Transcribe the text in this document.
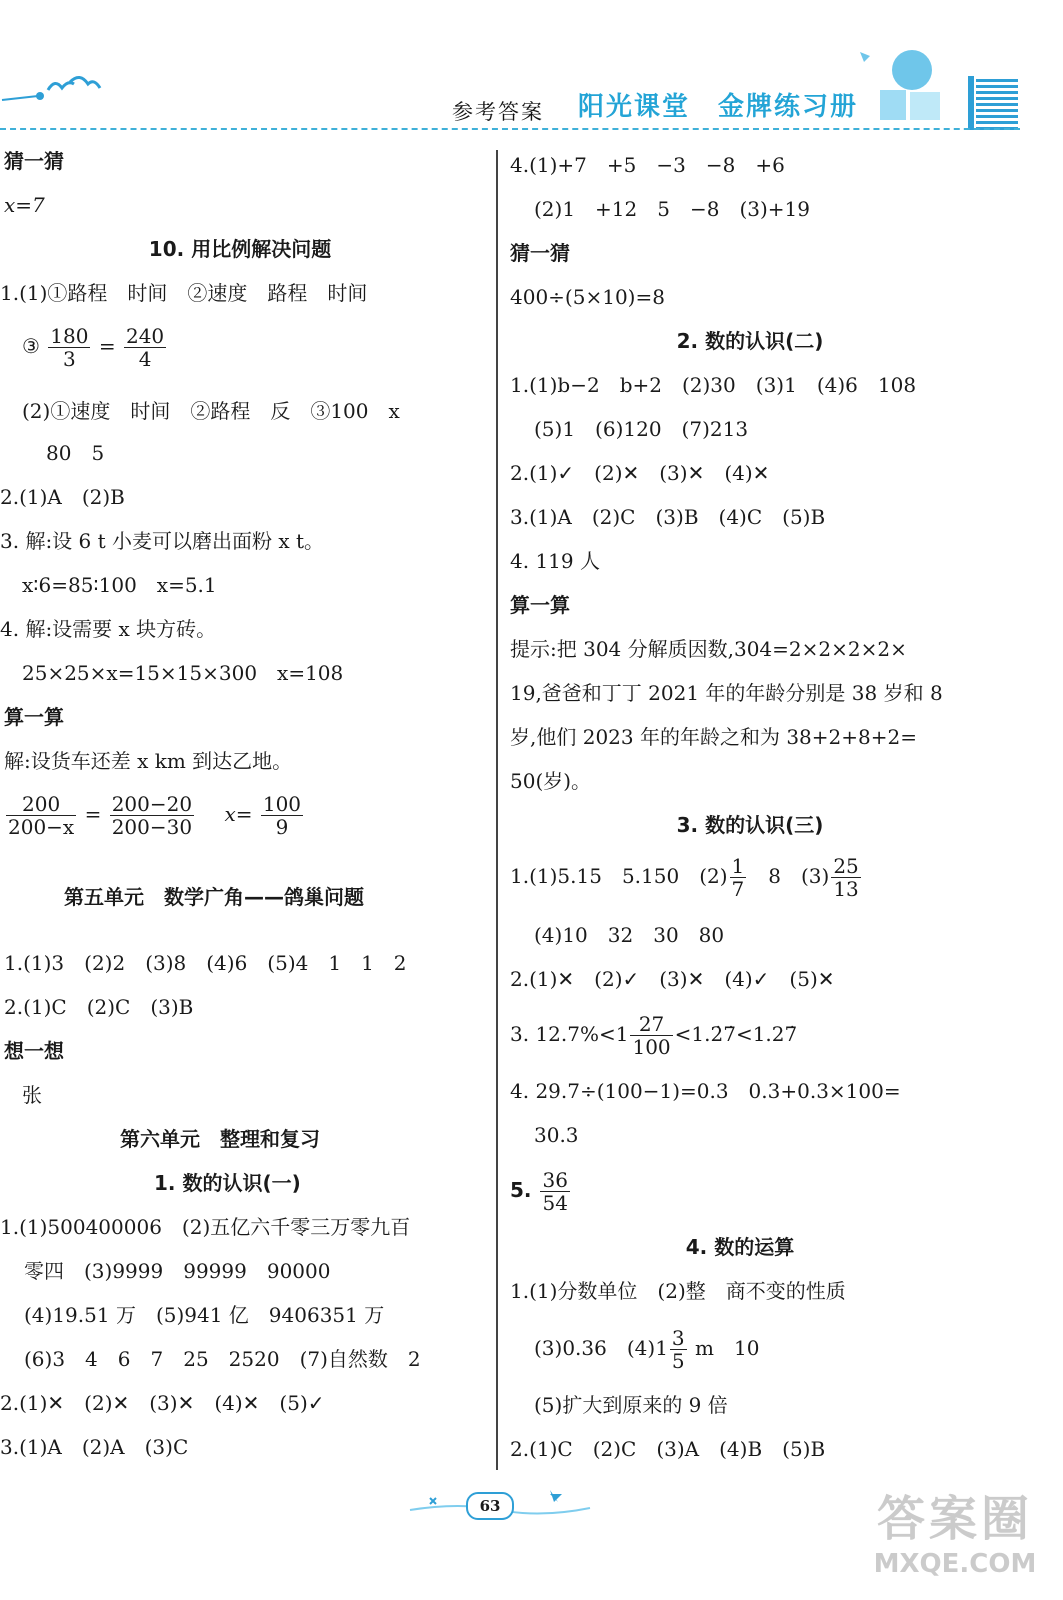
参考答案 阳光课堂 金牌练习册
猜一猜
x=7
10. 用比例解决问题
1.(1)①路程　时间　②速度　路程　时间
③ $\frac{180}{3} = \frac{240}{4}$
(2)①速度　时间　②路程　反　③100　x
80　5
2.(1)A　(2)B
3. 解:设 6 t 小麦可以磨出面粉 x t。
x∶6=85∶100　x=5.1
4. 解:设需要 x 块方砖。
25×25×x=15×15×300　x=108
算一算
解:设货车还差 x km 到达乙地。
$\frac{200}{200-x} = \frac{200-20}{200-30} x= \frac{100}{9}$
第五单元　数学广角——鸽巢问题
1.(1)3　(2)2　(3)8　(4)6　(5)4　1　1　2
2.(1)C　(2)C　(3)B
想一想
张
第六单元　整理和复习
1. 数的认识(一)
1.(1)500400006　(2)五亿六千零三万零九百
零四　(3)9999　99999　90000
(4)19.51 万　(5)941 亿　9406351 万
(6)3　4　6　7　25　2520　(7)自然数　2
2.(1)✕　(2)✕　(3)✕　(4)✕　(5)✓
3.(1)A　(2)A　(3)C
4.(1)+7　+5　−3　−8　+6
(2)1　+12　5　−8　(3)+19
猜一猜
400÷(5×10)=8
2. 数的认识(二)
1.(1)b−2　b+2　(2)30　(3)1　(4)6　108
(5)1　(6)120　(7)213
2.(1)✓　(2)✕　(3)✕　(4)✕
3.(1)A　(2)C　(3)B　(4)C　(5)B
4. 119 人
算一算
提示:把 304 分解质因数,304=2×2×2×2×
19,爸爸和丁丁 2021 年的年龄分别是 38 岁和 8
岁,他们 2023 年的年龄之和为 38+2+8+2=
50(岁)。
3. 数的认识(三)
1.(1)5.15　5.150　$(2) \frac{1}{7}$ 　8　$(3) \frac{25}{13}$
(4)10　32　30　80
2.(1)✕　(2)✓　(3)✕　(4)✓　(5)✕
3. $12.7\%<1 \frac{27}{100}$ <1.2̇7̇<1.27̇
4. 29.7÷(100−1)=0.3　0.3+0.3×100=
30.3
5. $\frac{36}{54}$
4. 数的运算
1.(1)分数单位　(2)整　商不变的性质
(3)0.36　$(4)1 \frac{3}{5}$ m　10
(5)扩大到原来的 9 倍
2.(1)C　(2)C　(3)A　(4)B　(5)B
63	答案圈
MXQE.COM
